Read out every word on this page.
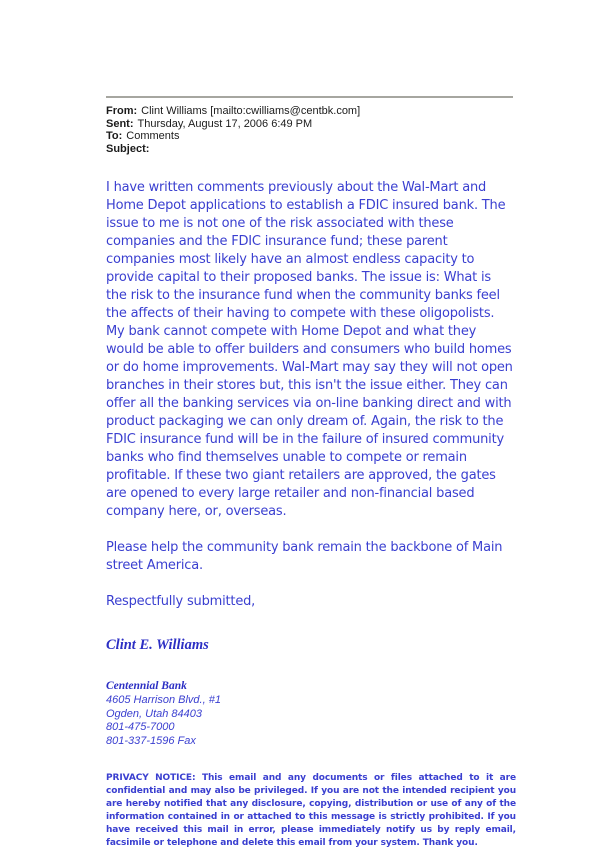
From: Clint Williams [mailto:cwilliams@centbk.com]
Sent: Thursday, August 17, 2006 6:49 PM
To: Comments
Subject:

I have written comments previously about the Wal-Mart and Home Depot applications to establish a FDIC insured bank. The issue to me is not one of the risk associated with these companies and the FDIC insurance fund; these parent companies most likely have an almost endless capacity to provide capital to their proposed banks. The issue is: What is the risk to the insurance fund when the community banks feel the affects of their having to compete with these oligopolists. My bank cannot compete with Home Depot and what they would be able to offer builders and consumers who build homes or do home improvements. Wal-Mart may say they will not open branches in their stores but, this isn't the issue either. They can offer all the banking services via on-line banking direct and with product packaging we can only dream of. Again, the risk to the FDIC insurance fund will be in the failure of insured community banks who find themselves unable to compete or remain profitable. If these two giant retailers are approved, the gates are opened to every large retailer and non-financial based company here, or, overseas.

Please help the community bank remain the backbone of Main street America.

Respectfully submitted,

Clint E. Williams
Centennial Bank
4605 Harrison Blvd., #1
Ogden, Utah 84403
801-475-7000
801-337-1596 Fax
PRIVACY NOTICE: This email and any documents or files attached to it are confidential and may also be privileged. If you are not the intended recipient you are hereby notified that any disclosure, copying, distribution or use of any of the information contained in or attached to this message is strictly prohibited. If you have received this mail in error, please immediately notify us by reply email, facsimile or telephone and delete this email from your system. Thank you.
